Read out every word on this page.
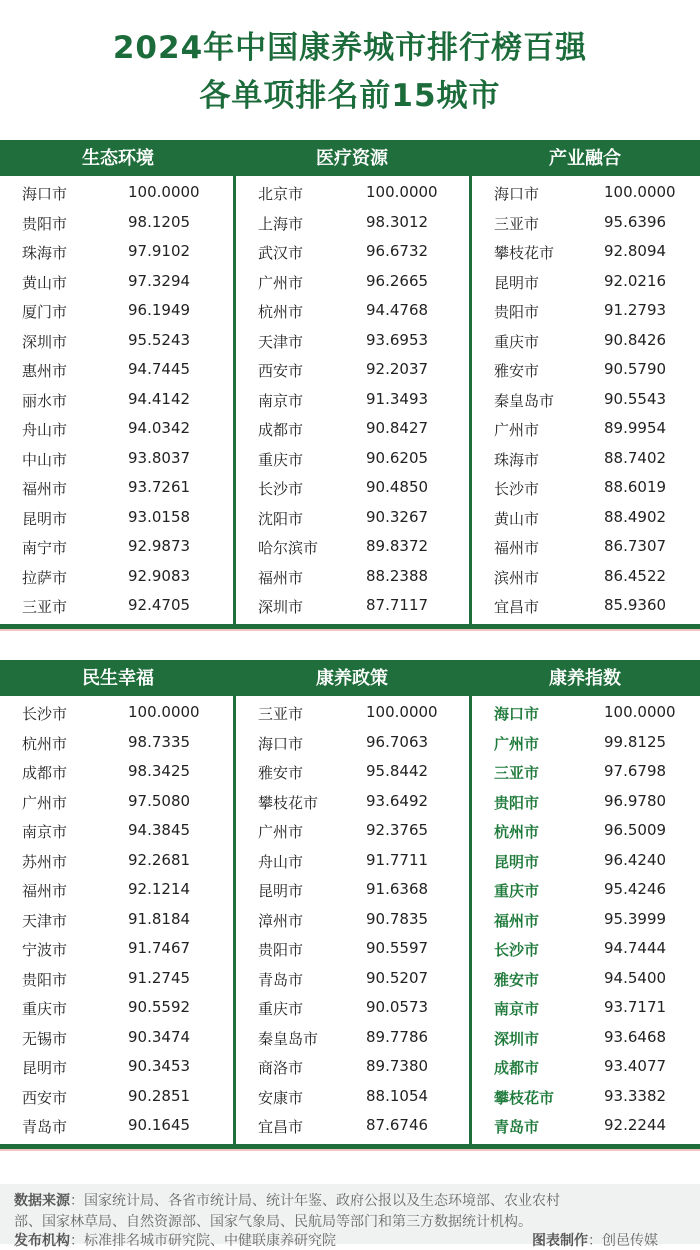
2024年中国康养城市排行榜百强
各单项排名前15城市
生态环境
海口市	100.0000
贵阳市	98.1205
珠海市	97.9102
黄山市	97.3294
厦门市	96.1949
深圳市	95.5243
惠州市	94.7445
丽水市	94.4142
舟山市	94.0342
中山市	93.8037
福州市	93.7261
昆明市	93.0158
南宁市	92.9873
拉萨市	92.9083
三亚市	92.4705
医疗资源
北京市	100.0000
上海市	98.3012
武汉市	96.6732
广州市	96.2665
杭州市	94.4768
天津市	93.6953
西安市	92.2037
南京市	91.3493
成都市	90.8427
重庆市	90.6205
长沙市	90.4850
沈阳市	90.3267
哈尔滨市	89.8372
福州市	88.2388
深圳市	87.7117
产业融合
海口市	100.0000
三亚市	95.6396
攀枝花市	92.8094
昆明市	92.0216
贵阳市	91.2793
重庆市	90.8426
雅安市	90.5790
秦皇岛市	90.5543
广州市	89.9954
珠海市	88.7402
长沙市	88.6019
黄山市	88.4902
福州市	86.7307
滨州市	86.4522
宜昌市	85.9360
民生幸福
长沙市	100.0000
杭州市	98.7335
成都市	98.3425
广州市	97.5080
南京市	94.3845
苏州市	92.2681
福州市	92.1214
天津市	91.8184
宁波市	91.7467
贵阳市	91.2745
重庆市	90.5592
无锡市	90.3474
昆明市	90.3453
西安市	90.2851
青岛市	90.1645
康养政策
三亚市	100.0000
海口市	96.7063
雅安市	95.8442
攀枝花市	93.6492
广州市	92.3765
舟山市	91.7711
昆明市	91.6368
漳州市	90.7835
贵阳市	90.5597
青岛市	90.5207
重庆市	90.0573
秦皇岛市	89.7786
商洛市	89.7380
安康市	88.1054
宜昌市	87.6746
康养指数
海口市	100.0000
广州市	99.8125
三亚市	97.6798
贵阳市	96.9780
杭州市	96.5009
昆明市	96.4240
重庆市	95.4246
福州市	95.3999
长沙市	94.7444
雅安市	94.5400
南京市	93.7171
深圳市	93.6468
成都市	93.4077
攀枝花市	93.3382
青岛市	92.2244
数据来源：国家统计局、各省市统计局、统计年鉴、政府公报以及生态环境部、农业农村
部、国家林草局、自然资源部、国家气象局、民航局等部门和第三方数据统计机构。
发布机构：标准排名城市研究院、中健联康养研究院	图表制作：创邑传媒
